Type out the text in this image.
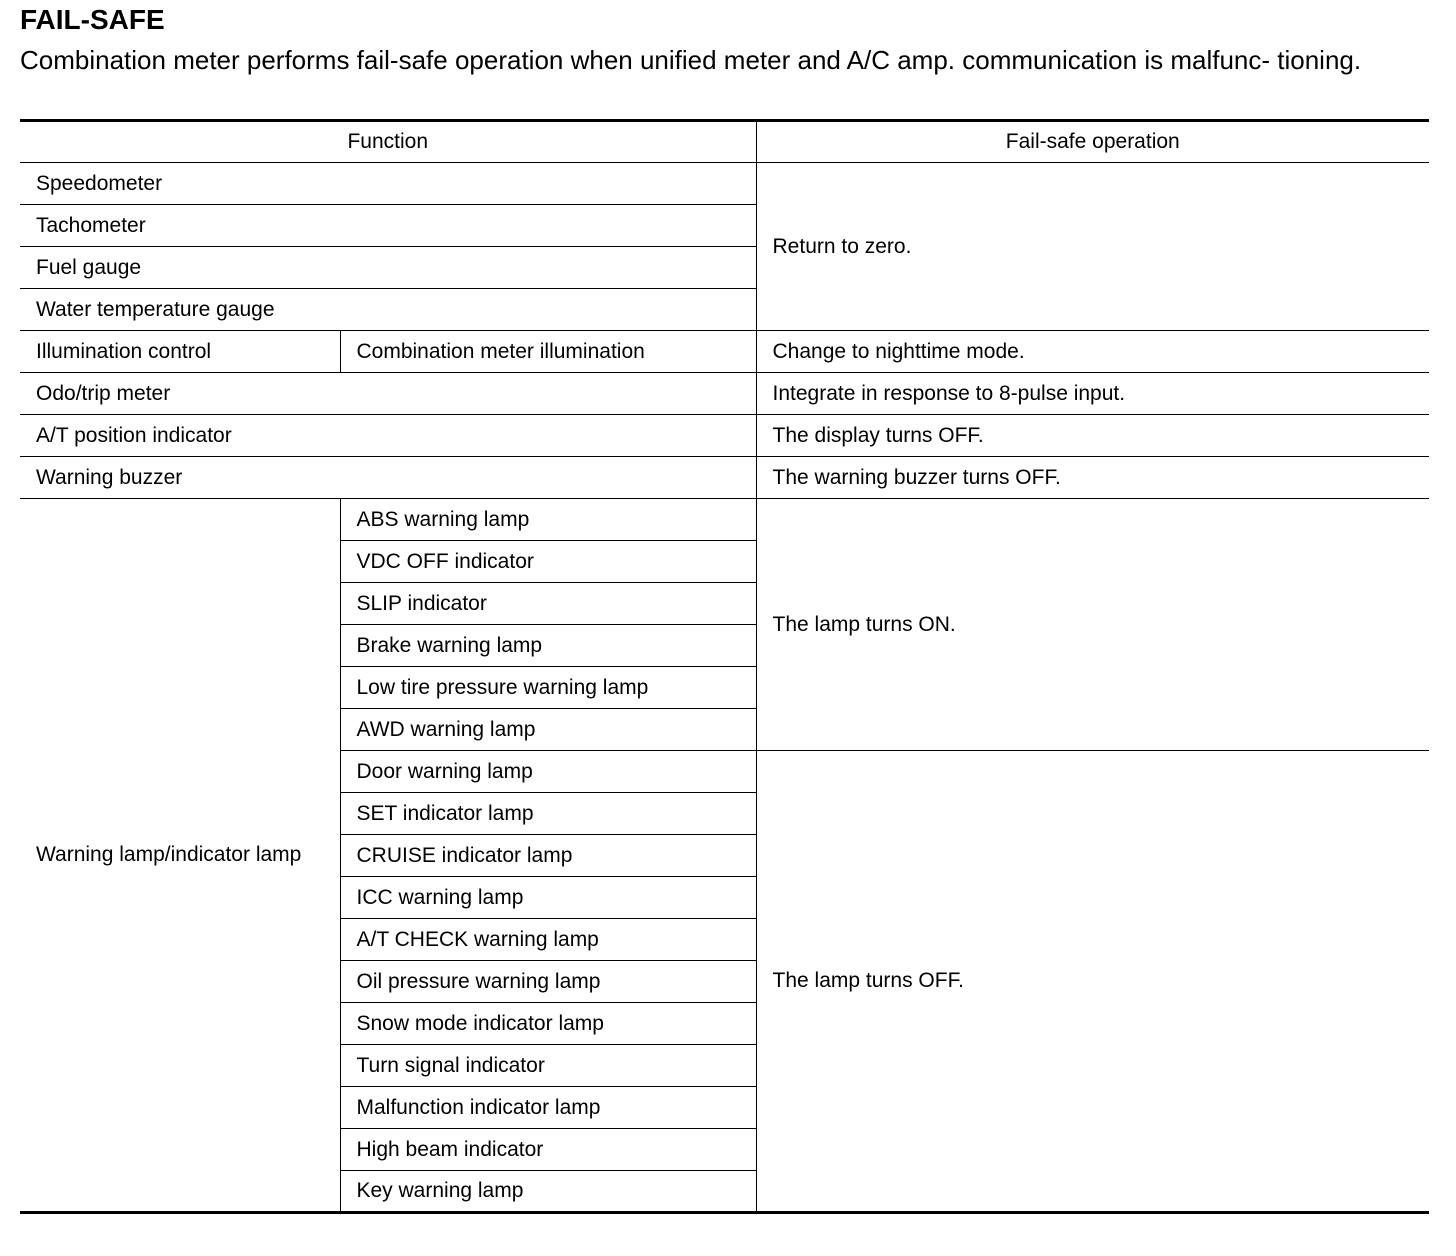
FAIL-SAFE

Combination meter performs fail-safe operation when unified meter and A/C amp. communication is malfunc- tioning.

Function		Fail-safe operation
Speedometer		Return to zero.
Tachometer		
Fuel gauge		
Water temperature gauge		
Illumination control	Combination meter illumination	Change to nighttime mode.
Odo/trip meter		Integrate in response to 8-pulse input.
A/T position indicator		The display turns OFF.
Warning buzzer		The warning buzzer turns OFF.
Warning lamp/indicator lamp	ABS warning lamp	The lamp turns ON.
	VDC OFF indicator	
	SLIP indicator	
	Brake warning lamp	
	Low tire pressure warning lamp	
	AWD warning lamp	
	Door warning lamp	The lamp turns OFF.
	SET indicator lamp	
	CRUISE indicator lamp	
	ICC warning lamp	
	A/T CHECK warning lamp	
	Oil pressure warning lamp	
	Snow mode indicator lamp	
	Turn signal indicator	
	Malfunction indicator lamp	
	High beam indicator	
	Key warning lamp	
